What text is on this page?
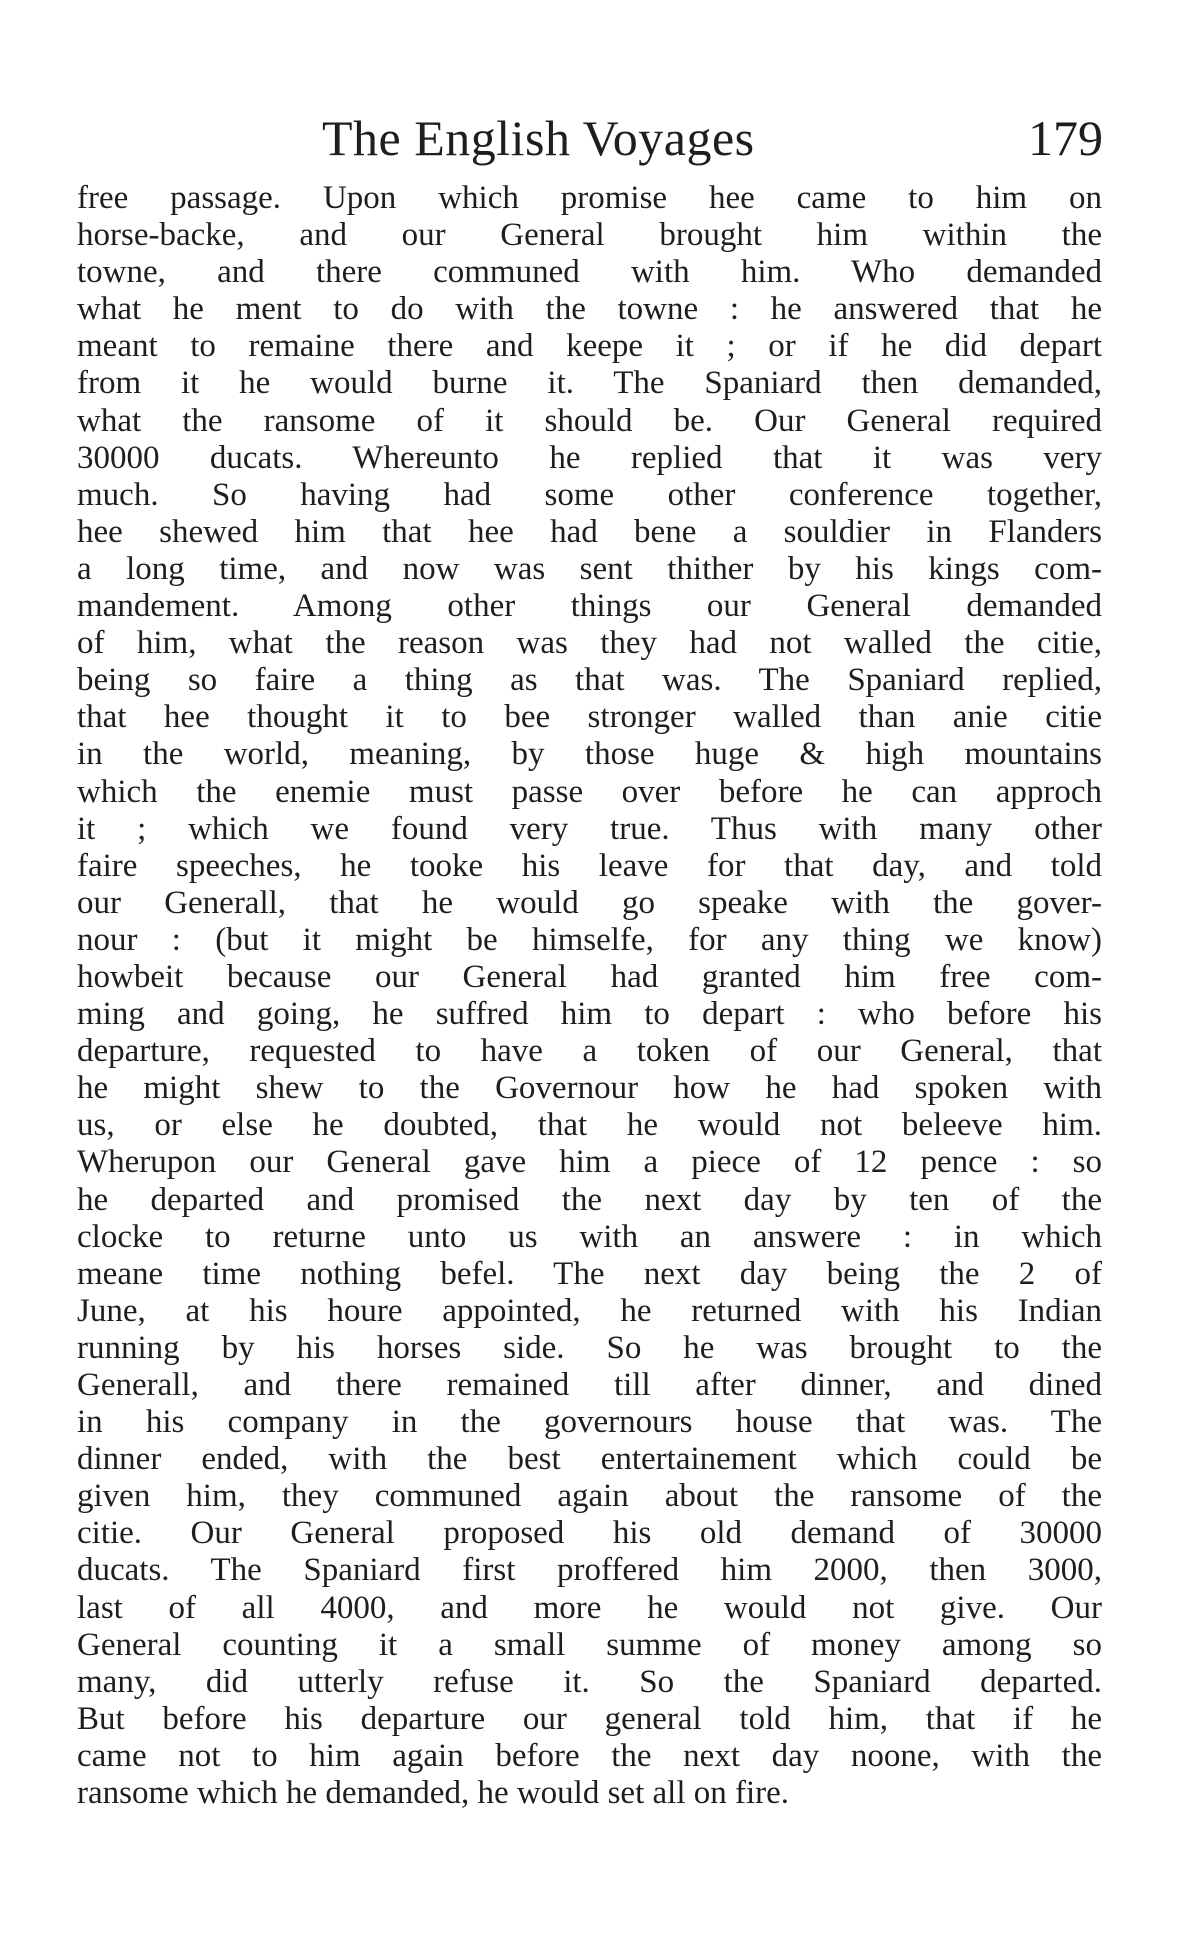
The English Voyages	179
free passage. Upon which promise hee came to him on
horse-backe, and our General brought him within the
towne, and there communed with him. Who demanded
what he ment to do with the towne : he answered that he
meant to remaine there and keepe it ; or if he did depart
from it he would burne it. The Spaniard then demanded,
what the ransome of it should be. Our General required
30000 ducats. Whereunto he replied that it was very
much. So having had some other conference together,
hee shewed him that hee had bene a souldier in Flanders
a long time, and now was sent thither by his kings com-
mandement. Among other things our General demanded
of him, what the reason was they had not walled the citie,
being so faire a thing as that was. The Spaniard replied,
that hee thought it to bee stronger walled than anie citie
in the world, meaning, by those huge & high mountains
which the enemie must passe over before he can approch
it ; which we found very true. Thus with many other
faire speeches, he tooke his leave for that day, and told
our Generall, that he would go speake with the gover-
nour : (but it might be himselfe, for any thing we know)
howbeit because our General had granted him free com-
ming and going, he suffred him to depart : who before his
departure, requested to have a token of our General, that
he might shew to the Governour how he had spoken with
us, or else he doubted, that he would not beleeve him.
Wherupon our General gave him a piece of 12 pence : so
he departed and promised the next day by ten of the
clocke to returne unto us with an answere : in which
meane time nothing befel. The next day being the 2 of
June, at his houre appointed, he returned with his Indian
running by his horses side. So he was brought to the
Generall, and there remained till after dinner, and dined
in his company in the governours house that was. The
dinner ended, with the best entertainement which could be
given him, they communed again about the ransome of the
citie. Our General proposed his old demand of 30000
ducats. The Spaniard first proffered him 2000, then 3000,
last of all 4000, and more he would not give. Our
General counting it a small summe of money among so
many, did utterly refuse it. So the Spaniard departed.
But before his departure our general told him, that if he
came not to him again before the next day noone, with the
ransome which he demanded, he would set all on fire.
